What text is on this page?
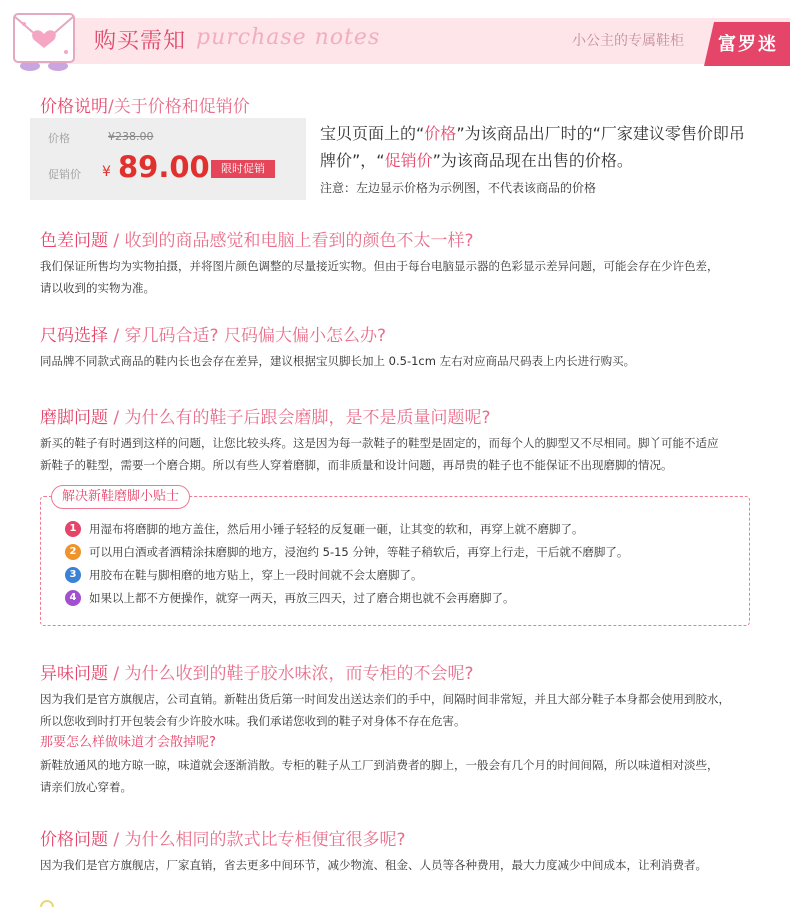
购买需知 purchase notes	小公主的专属鞋柜 富罗迷
价格说明/关于价格和促销价
价格	¥238.00
促销价 ¥ 89.00	限时促销
宝贝页面上的“价格”为该商品出厂时的“厂家建议零售价即吊牌价”，“促销价”为该商品现在出售的价格。
注意：左边显示价格为示例图，不代表该商品的价格
色差问题 / 收到的商品感觉和电脑上看到的颜色不太一样?
我们保证所售均为实物拍摄，并将图片颜色调整的尽量接近实物。但由于每台电脑显示器的色彩显示差异问题，可能会存在少许色差，
请以收到的实物为准。
尺码选择 / 穿几码合适? 尺码偏大偏小怎么办?
同品牌不同款式商品的鞋内长也会存在差异，建议根据宝贝脚长加上 0.5-1cm 左右对应商品尺码表上内长进行购买。
磨脚问题 / 为什么有的鞋子后跟会磨脚，是不是质量问题呢?
新买的鞋子有时遇到这样的问题，让您比较头疼。这是因为每一款鞋子的鞋型是固定的，而每个人的脚型又不尽相同。脚丫可能不适应
新鞋子的鞋型，需要一个磨合期。所以有些人穿着磨脚，而非质量和设计问题，再昂贵的鞋子也不能保证不出现磨脚的情况。
解决新鞋磨脚小贴士
1	用湿布将磨脚的地方盖住，然后用小锤子轻轻的反复砸一砸，让其变的软和，再穿上就不磨脚了。
2	可以用白酒或者酒精涂抹磨脚的地方，浸泡约 5-15 分钟，等鞋子稍软后，再穿上行走，干后就不磨脚了。
3	用胶布在鞋与脚相磨的地方贴上，穿上一段时间就不会太磨脚了。
4	如果以上都不方便操作，就穿一两天，再放三四天，过了磨合期也就不会再磨脚了。
异味问题 / 为什么收到的鞋子胶水味浓，而专柜的不会呢?
因为我们是官方旗舰店，公司直销。新鞋出货后第一时间发出送达亲们的手中，间隔时间非常短，并且大部分鞋子本身都会使用到胶水，
所以您收到时打开包装会有少许胶水味。我们承诺您收到的鞋子对身体不存在危害。
那要怎么样做味道才会散掉呢?
新鞋放通风的地方晾一晾，味道就会逐渐消散。专柜的鞋子从工厂到消费者的脚上，一般会有几个月的时间间隔，所以味道相对淡些，
请亲们放心穿着。
价格问题 / 为什么相同的款式比专柜便宜很多呢?
因为我们是官方旗舰店，厂家直销，省去更多中间环节，减少物流、租金、人员等各种费用，最大力度减少中间成本，让利消费者。
